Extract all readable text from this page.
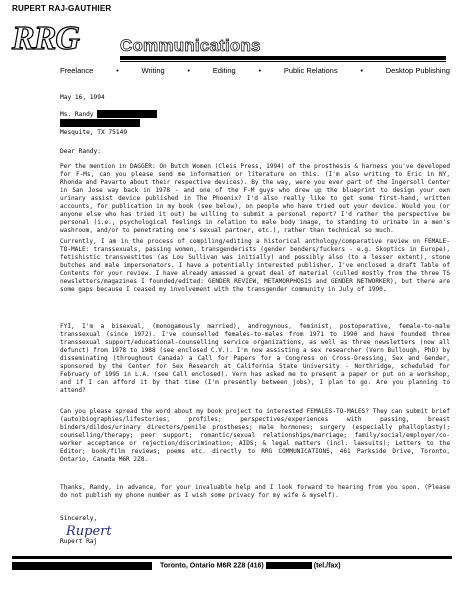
RUPERT RAJ-GAUTHIER
RRG Communications
Freelance	•	Writing	•	Editing	•	Public Relations	•	Desktop Publishing
May 16, 1994
Ms. Randy
Mesquite, TX 75149
Dear Randy:
Per the mention in DAGGER: On Butch Women (Cleis Press, 1994) of the prosthesis & harness you've developed for F-Ms, can you please send me information or literature on this. (I'm also writing to Eric in NY, Rhonda and Pavarto about their respective devices). By the way, were you ever part of the Ingersoll Center in San Jose way back in 1978 - and one of the F-M guys who drew up the blueprint to design your own urinary assist device published in The Phoenix? I'd also really like to get some first-hand, written accounts, for publication in my book (see below), on people who have tried out your device. Would you (or anyone else who has tried it out) be willing to submit a personal report? I'd rather the perspective be personal (i.e., psychological feelings in relation to male body image, to standing to urinate in a men's washroom, and/or to penetrating one's sexual partner, etc.), rather than technical so much.
Currently, I am in the process of compiling/editing a historical anthology/comparative review on FEMALE-TO-MALE: transsexuals, passing women, transgenderists (gender benders/fuckers - e.g. Skoptics in Europe), fetishistic transvestites (as Lou Sullivan was initially) and possibly also (to a lesser extent), stone butches and male impersonators. I have a potentially interested publisher. I've enclosed a draft Table of Contents for your review. I have already amassed a great deal of material (culled mostly from the three TS newsletters/magazines I founded/edited: GENDER REVIEW, METAMORPHOSIS and GENDER NETWORKER), but there are some gaps because I ceased my involvement with the transgender community in July of 1990.
FYI, I'm a bisexual, (monogamously married), androgynous, feminist, postoperative, female-to-male transsexual (since 1972). I've counselled females-to-males from 1971 to 1990 and have founded three transsexual support/educational-counselling service organizations, as well as three newsletters (now all defunct) from 1978 to 1988 (see enclosed C.V.). I'm now assisting a sex researcher (Vern Bullough, PhD) by disseminating (throughout Canada) a Call for Papers for a Congress on Cross-Dressing, Sex and Gender, sponsored by the Center for Sex Research at California State University - Northridge, scheduled for February of 1995 in L.A. (see Call enclosed). Vern has asked me to present a paper or put on a workshop, and if I can afford it by that time (I'm presently between jobs), I plan to go. Are you planning to attend?
Can you please spread the word about my book project to interested FEMALES-TO-MALES? They can submit brief (auto)biographies/lifestories, profiles; perspectives/experiences with passing, breast binders/dildos/urinary directors/penile prostheses; male hormones; surgery (especially phalloplasty); counselling/therapy; peer support; romantic/sexual relationships/marriage; family/social/employer/co-worker acceptance or rejection/discrimination; AIDS; & legal matters (incl. lawsuits); Letters to the Editor; book/film reviews; poems etc. directly to RRG COMMUNICATIONS, 461 Parkside Drive, Toronto, Ontario, Canada M6R 2Z8.
Thanks, Randy, in advance, for your invaluable help and I look forward to hearing from you soon. (Please do not publish my phone number as I wish some privacy for my wife & myself).
Sincerely,
Rupert
Rupert Raj
Toronto, Ontario M6R 2Z8 (416)	(tel./fax)
